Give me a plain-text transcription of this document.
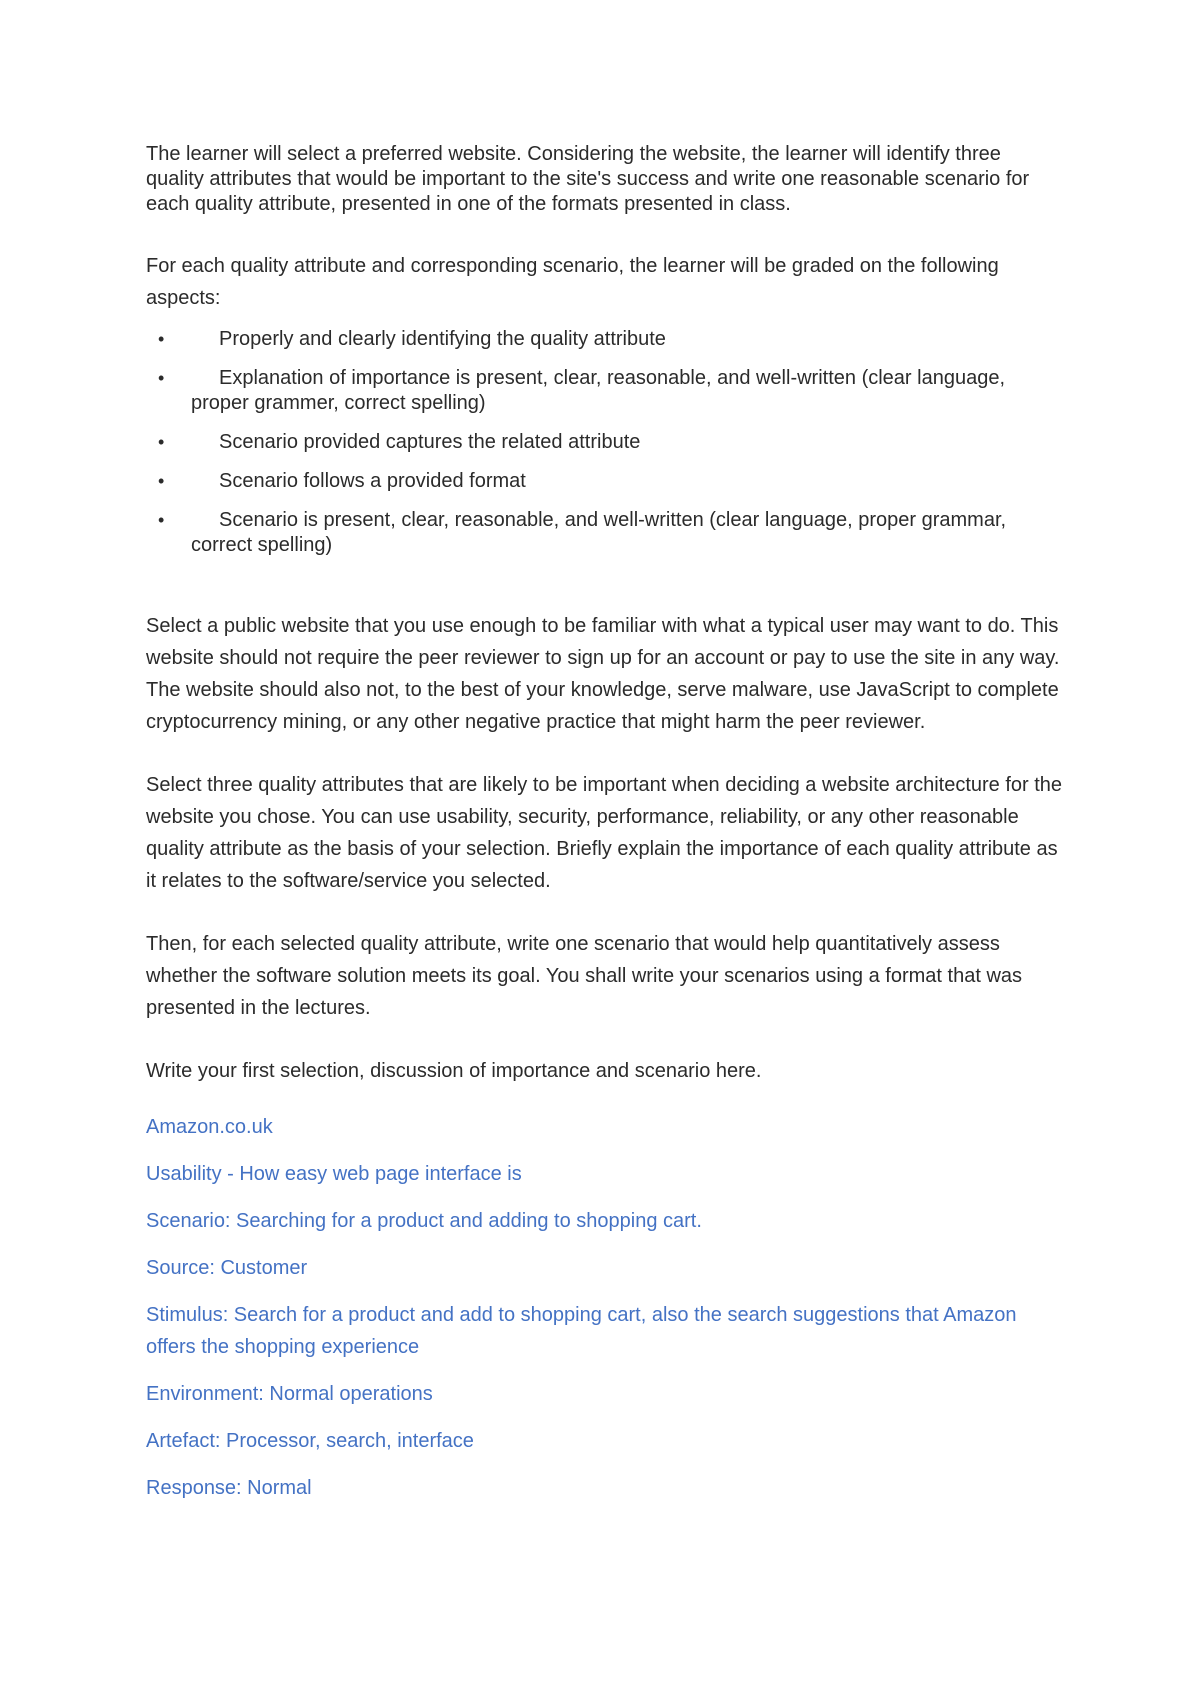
The learner will select a preferred website. Considering the website, the learner will identify three quality attributes that would be important to the site's success and write one reasonable scenario for each quality attribute, presented in one of the formats presented in class.

For each quality attribute and corresponding scenario, the learner will be graded on the following aspects:

•	Properly and clearly identifying the quality attribute
•	Explanation of importance is present, clear, reasonable, and well-written (clear language, proper grammer, correct spelling)
•	Scenario provided captures the related attribute
•	Scenario follows a provided format
•	Scenario is present, clear, reasonable, and well-written (clear language, proper grammar, correct spelling)

Select a public website that you use enough to be familiar with what a typical user may want to do. This website should not require the peer reviewer to sign up for an account or pay to use the site in any way. The website should also not, to the best of your knowledge, serve malware, use JavaScript to complete cryptocurrency mining, or any other negative practice that might harm the peer reviewer.

Select three quality attributes that are likely to be important when deciding a website architecture for the website you chose. You can use usability, security, performance, reliability, or any other reasonable quality attribute as the basis of your selection. Briefly explain the importance of each quality attribute as it relates to the software/service you selected.

Then, for each selected quality attribute, write one scenario that would help quantitatively assess whether the software solution meets its goal. You shall write your scenarios using a format that was presented in the lectures.

Write your first selection, discussion of importance and scenario here.

Amazon.co.uk

Usability - How easy web page interface is

Scenario: Searching for a product and adding to shopping cart.

Source: Customer

Stimulus: Search for a product and add to shopping cart, also the search suggestions that Amazon offers the shopping experience

Environment: Normal operations

Artefact: Processor, search, interface

Response: Normal
